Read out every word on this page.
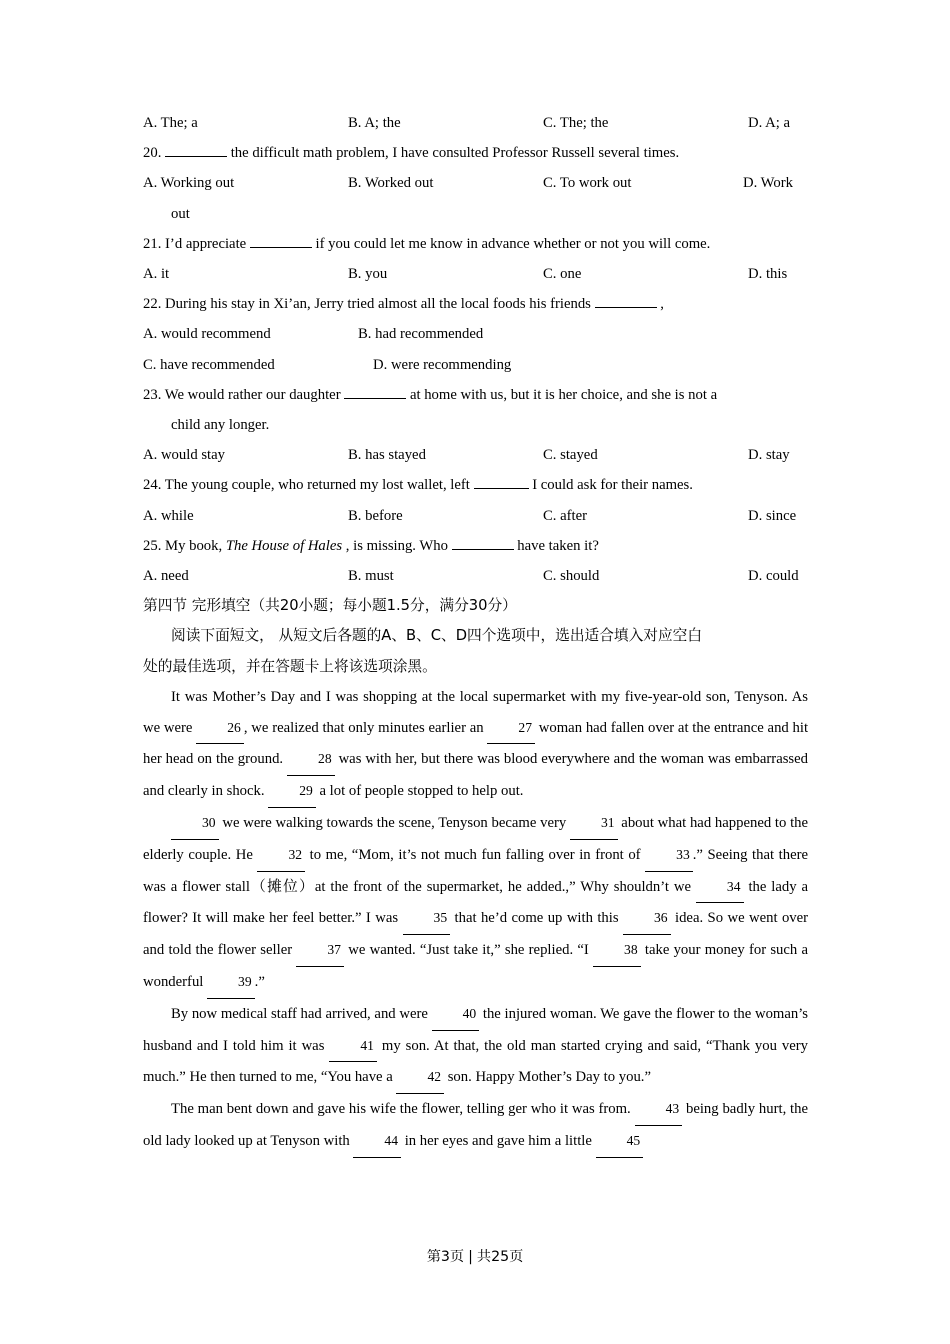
A. The; a	B. A; the	C. The; the	D. A; a
20.	the difficult math problem, I have consulted Professor Russell several times.
A. Working out	B. Worked out	C. To work out	D. Work
out
21. I’d appreciate	if you could let me know in advance whether or not you will come.
A. it	B. you	C. one	D. this
22. During his stay in Xi’an, Jerry tried almost all the local foods his friends	,
A. would recommend	B. had recommended
C. have recommended	D. were recommending
23. We would rather our daughter	at home with us, but it is her choice, and she is not a
child any longer.
A. would stay	B. has stayed	C. stayed	D. stay
24. The young couple, who returned my lost wallet, left	I could ask for their names.
A. while	B. before	C. after	D. since
25. My book, The House of Hales , is missing. Who	have taken it?
A. need	B. must	C. should	D. could
第四节 完形填空（共20小题；每小题1.5分，满分30分）
阅读下面短文， 从短文后各题的A、B、C、D四个选项中，选出适合填入对应空白
处的最佳选项，并在答题卡上将该选项涂黑。
It was Mother’s Day and I was shopping at the local supermarket with my five-year-old son, Tenyson. As we were	26 , we realized that only minutes earlier an	27 woman had fallen over at the entrance and hit her head on the ground.	28 was with her, but there was blood everywhere and the woman was embarrassed and clearly in shock.	29 a lot of people stopped to help out.
30 we were walking towards the scene, Tenyson became very	31 about what had happened to the elderly couple. He	32 to me, “Mom, it’s not much fun falling over in front of	33 .” Seeing that there was a flower stall（摊位）at the front of the supermarket, he added.,” Why shouldn’t we	34 the lady a flower? It will make her feel better.” I was	35 that he’d come up with this	36 idea. So we went over and told the flower seller	37 we wanted. “Just take it,” she replied. “I	38 take your money for such a wonderful	39 .”
By now medical staff had arrived, and were	40 the injured woman. We gave the flower to the woman’s husband and I told him it was	41 my son. At that, the old man started crying and said, “Thank you very much.” He then turned to me, “You have a	42 son. Happy Mother’s Day to you.”
The man bent down and gave his wife the flower, telling ger who it was from.	43 being badly hurt, the old lady looked up at Tenyson with	44 in her eyes and gave him a little	45
第3页 | 共25页
